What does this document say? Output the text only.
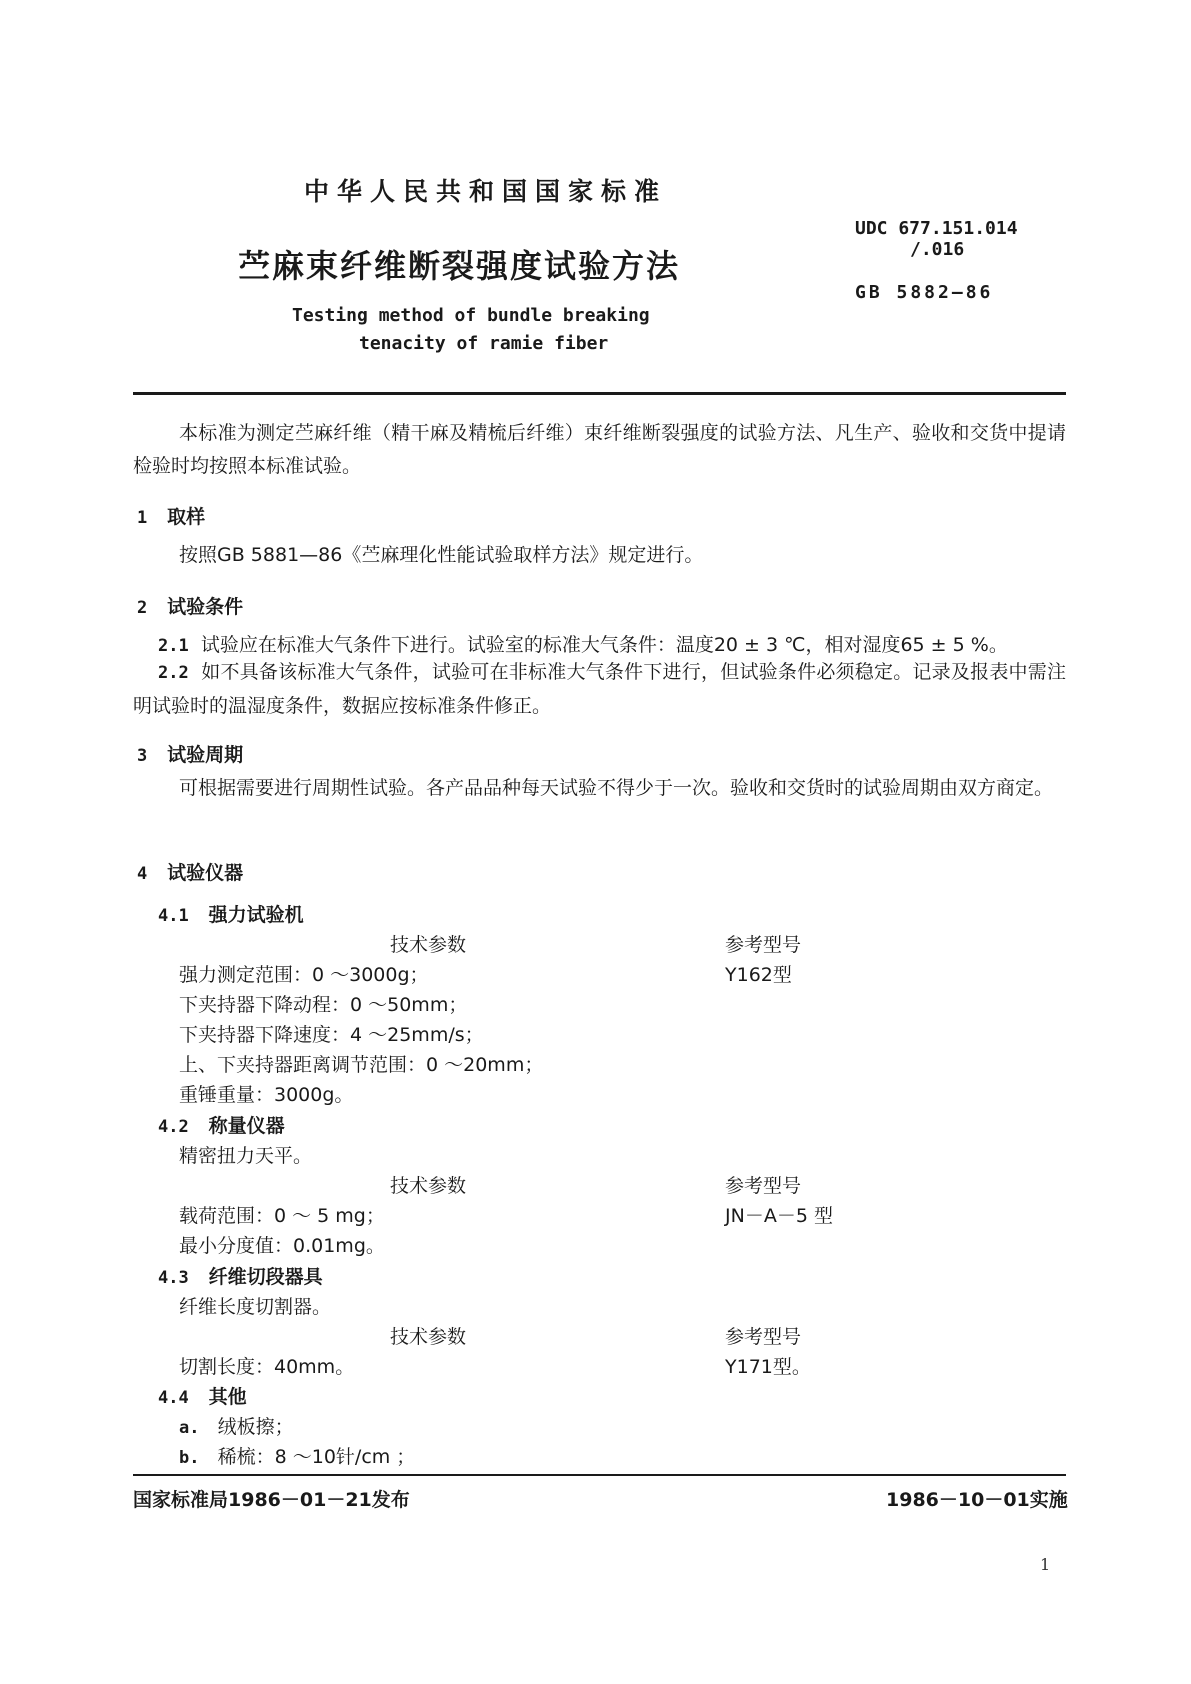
中华人民共和国国家标准
苎麻束纤维断裂强度试验方法
Testing method of bundle breaking
tenacity of ramie fiber
UDC 677.151.014
/.016
GB 5882—86
本标准为测定苎麻纤维（精干麻及精梳后纤维）束纤维断裂强度的试验方法、凡生产、验收和交货中提请检验时均按照本标准试验。
1 取样
按照GB 5881—86《苎麻理化性能试验取样方法》规定进行。
2 试验条件
2.1 试验应在标准大气条件下进行。试验室的标准大气条件：温度20 ± 3 ℃，相对湿度65 ± 5 %。
2.2 如不具备该标准大气条件，试验可在非标准大气条件下进行，但试验条件必须稳定。记录及报表中需注明试验时的温湿度条件，数据应按标准条件修正。
3 试验周期
可根据需要进行周期性试验。各产品品种每天试验不得少于一次。验收和交货时的试验周期由双方商定。
4 试验仪器
4.1 强力试验机
技术参数	参考型号
强力测定范围：0 ～3000g；	Y162型
下夹持器下降动程：0 ～50mm；
下夹持器下降速度：4 ～25mm/s；
上、下夹持器距离调节范围：0 ～20mm；
重锤重量：3000g。
4.2 称量仪器
精密扭力天平。
技术参数	参考型号
载荷范围：0 ～ 5 mg；	JN－A－5 型
最小分度值：0.01mg。
4.3 纤维切段器具
纤维长度切割器。
技术参数	参考型号
切割长度：40mm。	Y171型。
4.4 其他
a. 绒板擦；
b. 稀梳：8 ～10针/cm ；
国家标准局1986－01－21发布	1986－10－01实施
1
